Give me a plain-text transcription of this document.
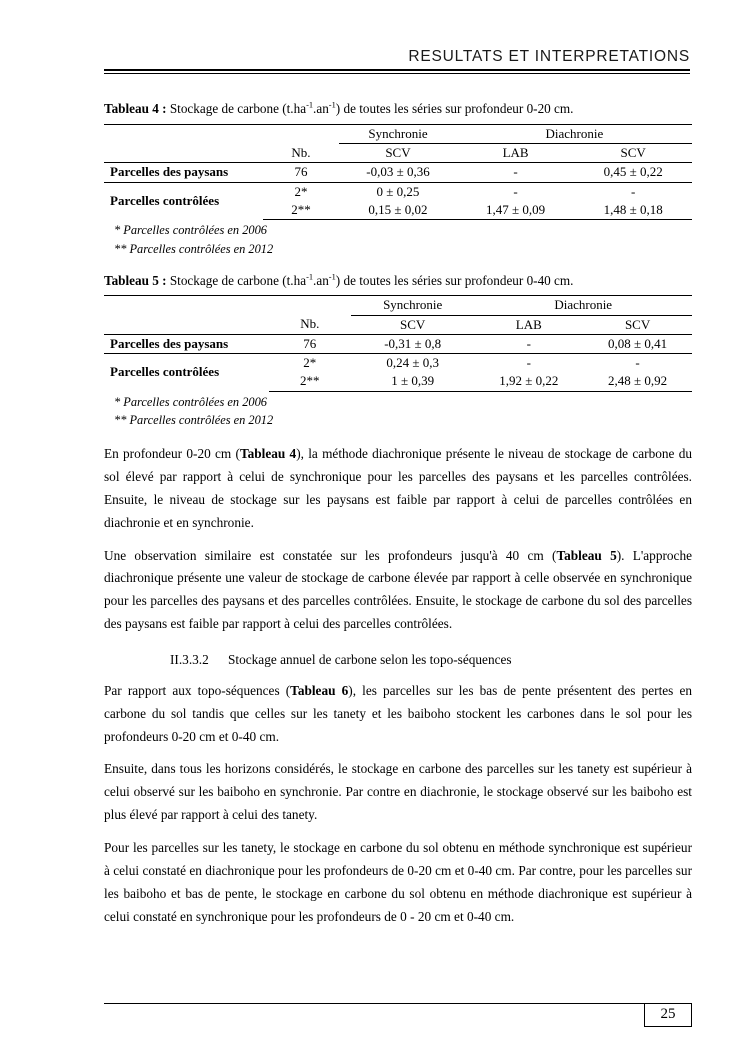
RESULTATS ET INTERPRETATIONS

Tableau 4 : Stockage de carbone $(t.ha^{-1}.an^{-1})$ de toutes les séries sur profondeur 0-20 cm.

		Synchronie	Diachronie	
	Nb.	SCV	LAB	SCV
Parcelles des paysans	76	-0,03 ± 0,36	-	0,45 ± 0,22
Parcelles contrôlées	2*	0 ± 0,25	-	-
	2**	0,15 ± 0,02	1,47 ± 0,09	1,48 ± 0,18
* Parcelles contrôlées en 2006
** Parcelles contrôlées en 2012

Tableau 5 : Stockage de carbone $(t.ha^{-1}.an^{-1})$ de toutes les séries sur profondeur 0-40 cm.

		Synchronie	Diachronie	
	Nb.	SCV	LAB	SCV
Parcelles des paysans	76	-0,31 ± 0,8	-	0,08 ± 0,41
Parcelles contrôlées	2*	0,24 ± 0,3	-	-
	2**	1 ± 0,39	1,92 ± 0,22	2,48 ± 0,92
* Parcelles contrôlées en 2006
** Parcelles contrôlées en 2012

En profondeur 0-20 cm (Tableau 4), la méthode diachronique présente le niveau de stockage de carbone du sol élevé par rapport à celui de synchronique pour les parcelles des paysans et les parcelles contrôlées. Ensuite, le niveau de stockage sur les paysans est faible par rapport à celui de parcelles contrôlées en diachronie et en synchronie.

Une observation similaire est constatée sur les profondeurs jusqu'à 40 cm (Tableau 5). L'approche diachronique présente une valeur de stockage de carbone élevée par rapport à celle observée en synchronique pour les parcelles des paysans et des parcelles contrôlées. Ensuite, le stockage de carbone du sol des parcelles des paysans est faible par rapport à celui des parcelles contrôlées.

II.3.3.2 Stockage annuel de carbone selon les topo-séquences

Par rapport aux topo-séquences (Tableau 6), les parcelles sur les bas de pente présentent des pertes en carbone du sol tandis que celles sur les tanety et les baiboho stockent les carbones dans le sol pour les profondeurs 0-20 cm et 0-40 cm.

Ensuite, dans tous les horizons considérés, le stockage en carbone des parcelles sur les tanety est supérieur à celui observé sur les baiboho en synchronie. Par contre en diachronie, le stockage observé sur les baiboho est plus élevé par rapport à celui des tanety.

Pour les parcelles sur les tanety, le stockage en carbone du sol obtenu en méthode synchronique est supérieur à celui constaté en diachronique pour les profondeurs de 0-20 cm et 0-40 cm. Par contre, pour les parcelles sur les baiboho et bas de pente, le stockage en carbone du sol obtenu en méthode diachronique est supérieur à celui constaté en synchronique pour les profondeurs de 0 - 20 cm et 0-40 cm.

25
